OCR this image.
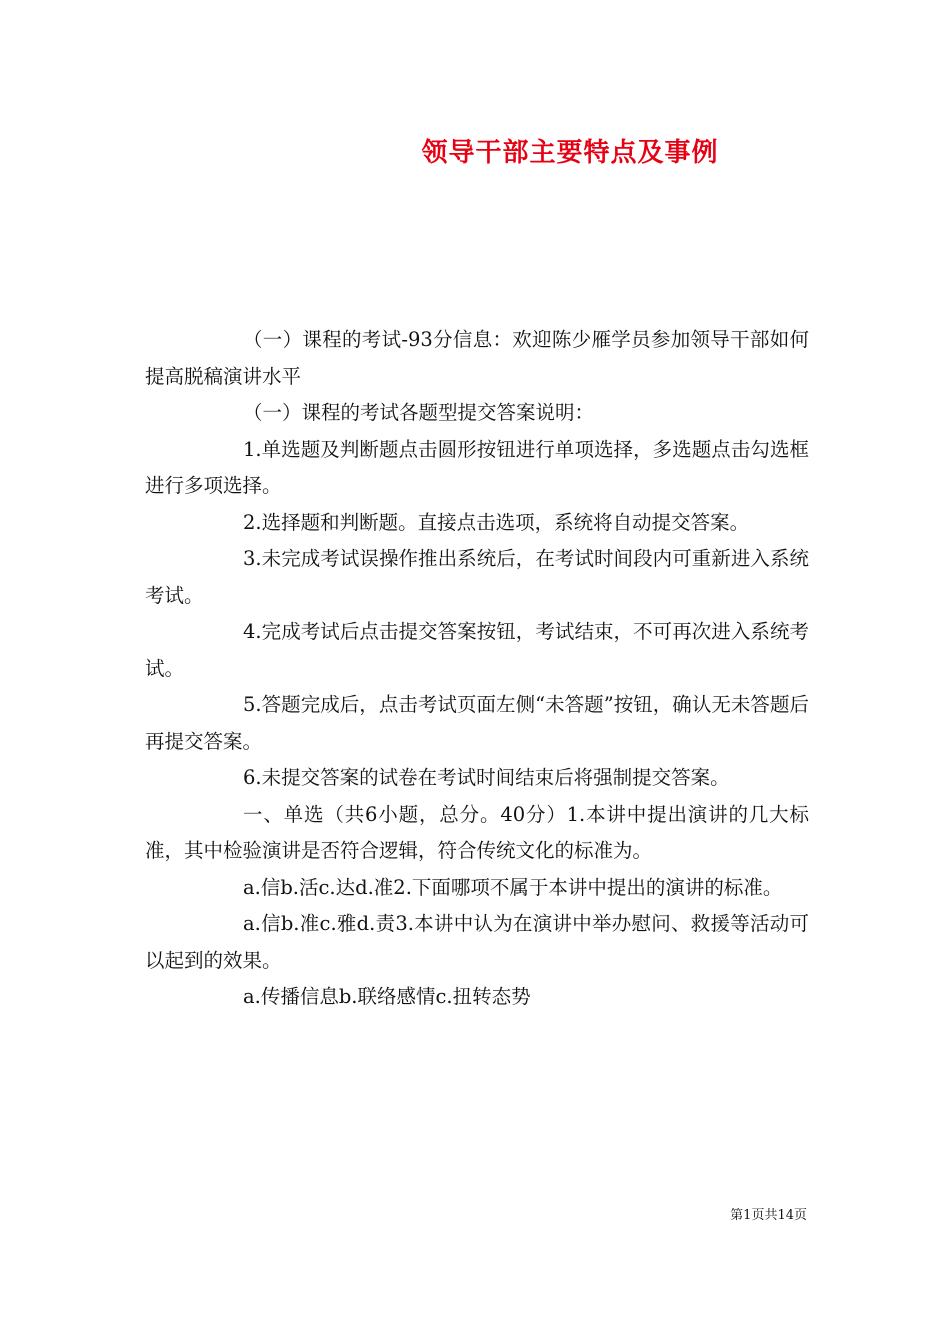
领导干部主要特点及事例

（一）课程的考试-93分信息：欢迎陈少雁学员参加领导干部如何提高脱稿演讲水平

（一）课程的考试各题型提交答案说明：

1.单选题及判断题点击圆形按钮进行单项选择，多选题点击勾选框进行多项选择。

2.选择题和判断题。直接点击选项，系统将自动提交答案。

3.未完成考试误操作推出系统后，在考试时间段内可重新进入系统考试。

4.完成考试后点击提交答案按钮，考试结束，不可再次进入系统考试。

5.答题完成后，点击考试页面左侧“未答题”按钮，确认无未答题后再提交答案。

6.未提交答案的试卷在考试时间结束后将强制提交答案。

一、单选（共6小题，总分。40分）1.本讲中提出演讲的几大标准，其中检验演讲是否符合逻辑，符合传统文化的标准为。

a.信b.活c.达d.准2.下面哪项不属于本讲中提出的演讲的标准。

a.信b.准c.雅d.责3.本讲中认为在演讲中举办慰问、救援等活动可以起到的效果。

a.传播信息b.联络感情c.扭转态势

第1页共14页
